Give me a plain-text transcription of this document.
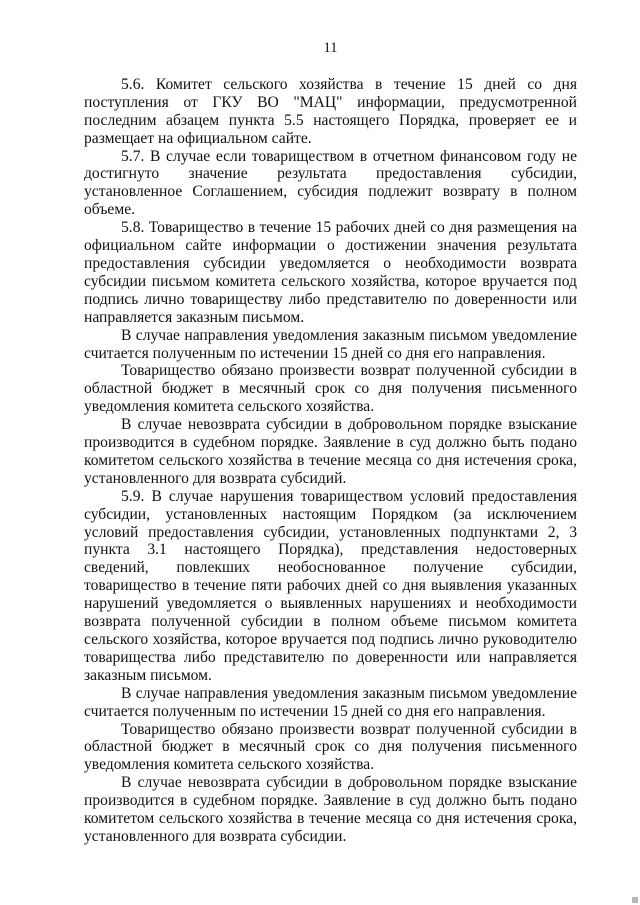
11

5.6. Комитет сельского хозяйства в течение 15 дней со дня поступления от ГКУ ВО "МАЦ" информации, предусмотренной последним абзацем пункта 5.5 настоящего Порядка, проверяет ее и размещает на официальном сайте.

5.7. В случае если товариществом в отчетном финансовом году не достигнуто значение результата предоставления субсидии, установленное Соглашением, субсидия подлежит возврату в полном объеме.

5.8. Товарищество в течение 15 рабочих дней со дня размещения на официальном сайте информации о достижении значения результата предоставления субсидии уведомляется о необходимости возврата субсидии письмом комитета сельского хозяйства, которое вручается под подпись лично товариществу либо представителю по доверенности или направляется заказным письмом.

В случае направления уведомления заказным письмом уведомление считается полученным по истечении 15 дней со дня его направления.

Товарищество обязано произвести возврат полученной субсидии в областной бюджет в месячный срок со дня получения письменного уведомления комитета сельского хозяйства.

В случае невозврата субсидии в добровольном порядке взыскание производится в судебном порядке. Заявление в суд должно быть подано комитетом сельского хозяйства в течение месяца со дня истечения срока, установленного для возврата субсидий.

5.9. В случае нарушения товариществом условий предоставления субсидии, установленных настоящим Порядком (за исключением условий предоставления субсидии, установленных подпунктами 2, 3 пункта 3.1 настоящего Порядка), представления недостоверных сведений, повлекших необоснованное получение субсидии, товарищество в течение пяти рабочих дней со дня выявления указанных нарушений уведомляется о выявленных нарушениях и необходимости возврата полученной субсидии в полном объеме письмом комитета сельского хозяйства, которое вручается под подпись лично руководителю товарищества либо представителю по доверенности или направляется заказным письмом.

В случае направления уведомления заказным письмом уведомление считается полученным по истечении 15 дней со дня его направления.

Товарищество обязано произвести возврат полученной субсидии в областной бюджет в месячный срок со дня получения письменного уведомления комитета сельского хозяйства.

В случае невозврата субсидии в добровольном порядке взыскание производится в судебном порядке. Заявление в суд должно быть подано комитетом сельского хозяйства в течение месяца со дня истечения срока, установленного для возврата субсидии.
